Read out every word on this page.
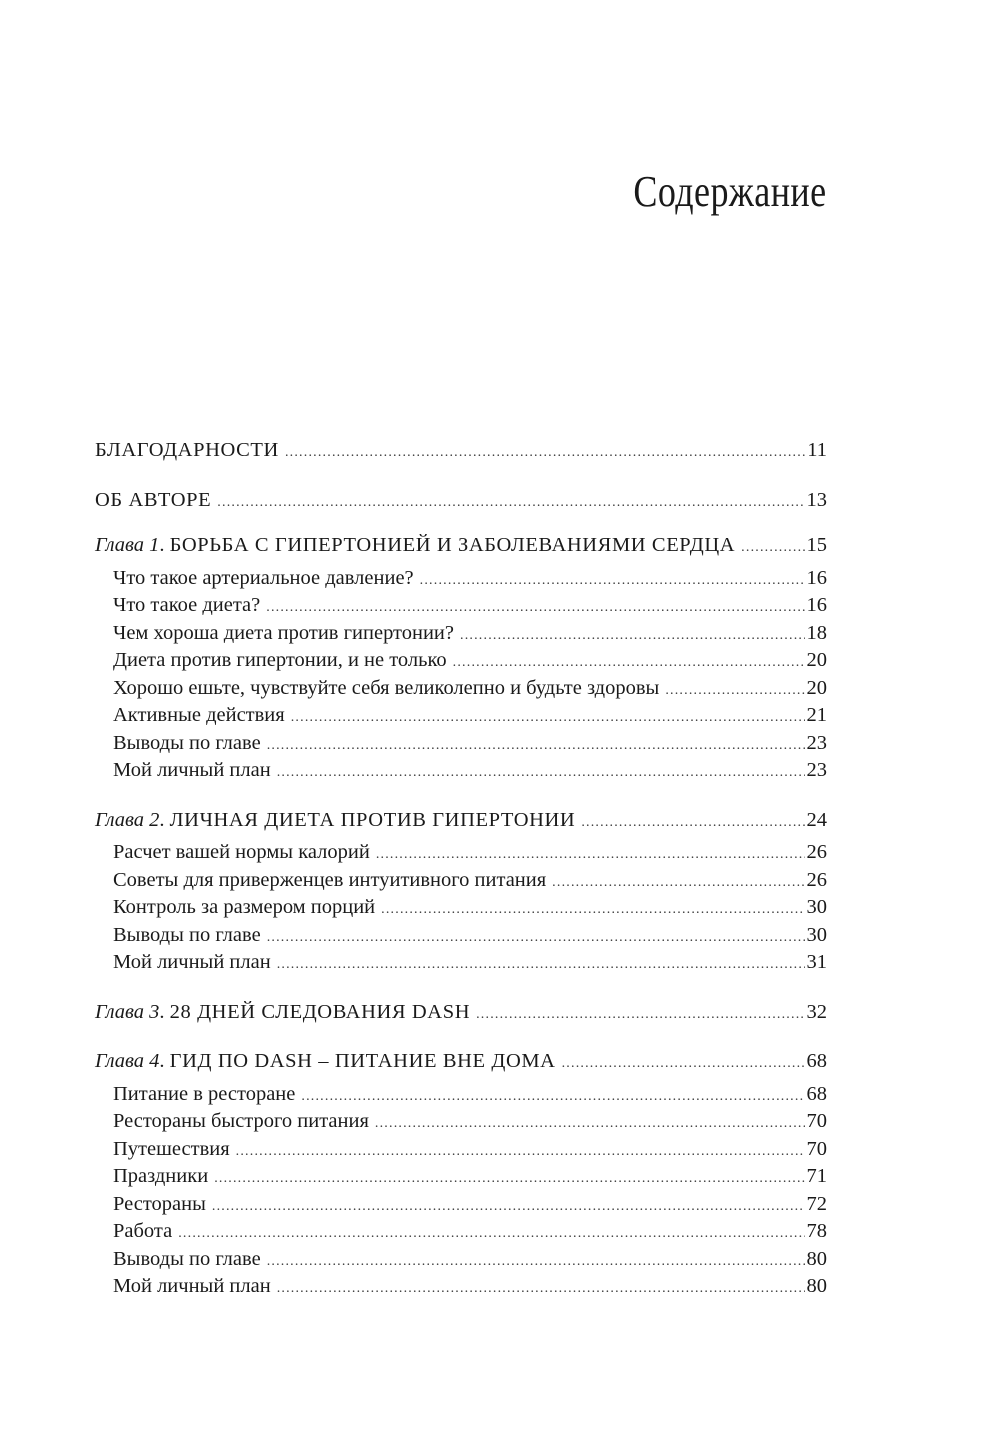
Содержание
БЛАГОДАРНОСТИ .....	11
ОБ АВТОРЕ .....	13
Глава 1. БОРЬБА С ГИПЕРТОНИЕЙ И ЗАБОЛЕВАНИЯМИ СЕРДЦА .....	15
Что такое артериальное давление? .....	16
Что такое диета? .....	16
Чем хороша диета против гипертонии? .....	18
Диета против гипертонии, и не только .....	20
Хорошо ешьте, чувствуйте себя великолепно и будьте здоровы .....	20
Активные действия .....	21
Выводы по главе .....	23
Мой личный план .....	23
Глава 2. ЛИЧНАЯ ДИЕТА ПРОТИВ ГИПЕРТОНИИ .....	24
Расчет вашей нормы калорий .....	26
Советы для приверженцев интуитивного питания .....	26
Контроль за размером порций .....	30
Выводы по главе .....	30
Мой личный план .....	31
Глава 3. 28 ДНЕЙ СЛЕДОВАНИЯ DASH .....	32
Глава 4. ГИД ПО DASH – ПИТАНИЕ ВНЕ ДОМА .....	68
Питание в ресторане .....	68
Рестораны быстрого питания .....	70
Путешествия .....	70
Праздники .....	71
Рестораны .....	72
Работа .....	78
Выводы по главе .....	80
Мой личный план .....	80
